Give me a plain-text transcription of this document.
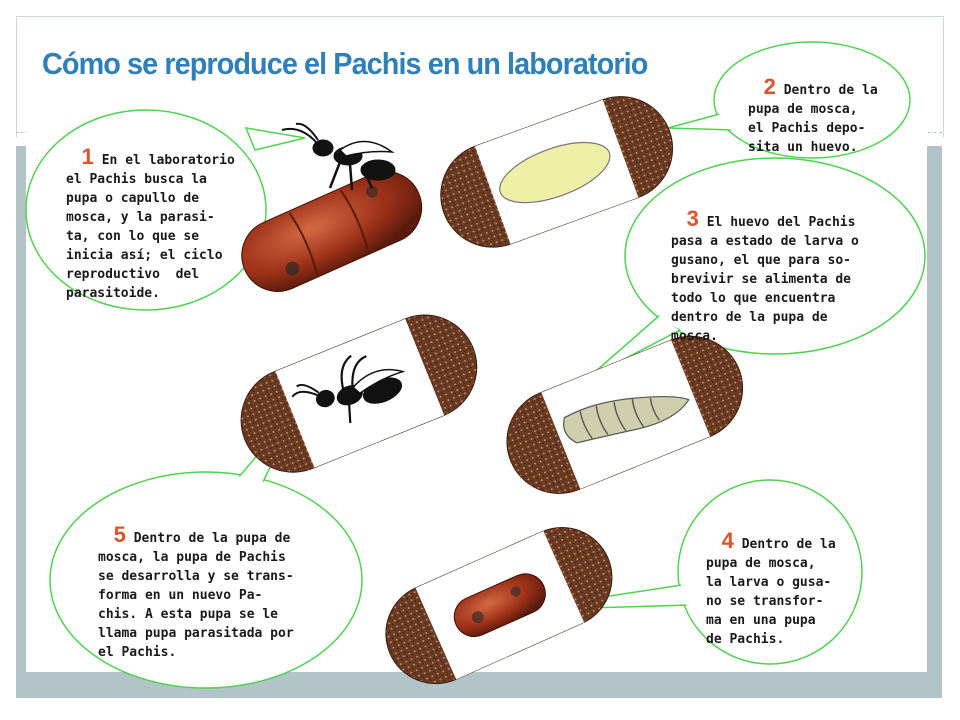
Cómo se reproduce el Pachis en un laboratorio

1 En el laboratorio
el Pachis busca la
pupa o capullo de
mosca, y la parasi-
ta, con lo que se
inicia así; el ciclo
reproductivo  del
parasitoide.

2 Dentro de la
pupa de mosca,
el Pachis depo-
sita un huevo.

3 El huevo del Pachis
pasa a estado de larva o
gusano, el que para so-
brevivir se alimenta de
todo lo que encuentra
dentro de la pupa de
mosca.

4 Dentro de la
pupa de mosca,
la larva o gusa-
no se transfor-
ma en una pupa
de Pachis.

5 Dentro de la pupa de
mosca, la pupa de Pachis
se desarrolla y se trans-
forma en un nuevo Pa-
chis. A esta pupa se le
llama pupa parasitada por
el Pachis.
